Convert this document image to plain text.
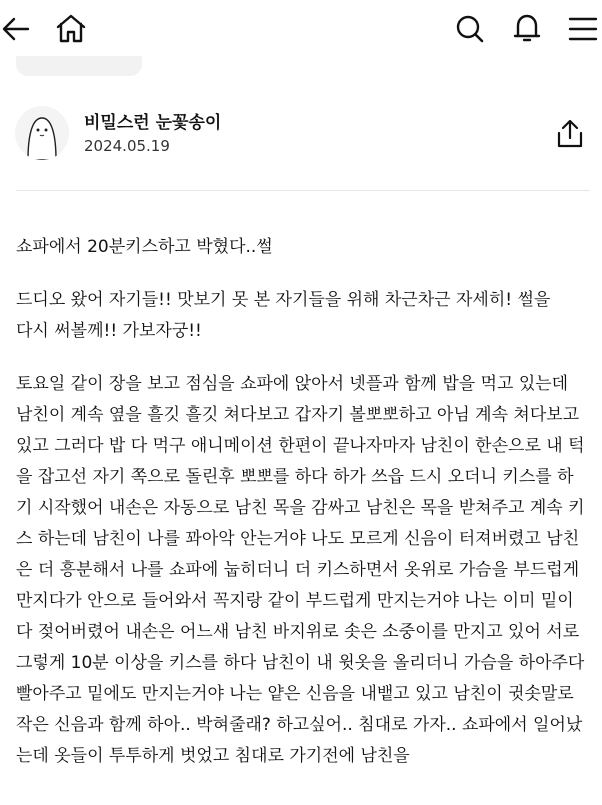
비밀스런 눈꽃송이
2024.05.19

쇼파에서 20분키스하고 박혔다..썰

드디오 왔어 자기들!! 맛보기 못 본 자기들을 위해 차근차근 자세히! 썰을 다시 써볼께!! 가보자궁!!

토요일 같이 장을 보고 점심을 쇼파에 앉아서 넷플과 함께 밥을 먹고 있는데 남친이 계속 옆을 흘깃 흘깃 쳐다보고 갑자기 볼뽀뽀하고 아님 계속 쳐다보고 있고 그러다 밥 다 먹구 애니메이션 한편이 끝나자마자 남친이 한손으로 내 턱을 잡고선 자기 쪽으로 돌린후 뽀뽀를 하다 하가 쓰읍 드시 오더니 키스를 하기 시작했어 내손은 자동으로 남친 목을 감싸고 남친은 목을 받쳐주고 계속 키스 하는데 남친이 나를 꽈아악 안는거야 나도 모르게 신음이 터져버렸고 남친은 더 흥분해서 나를 쇼파에 눕히더니 더 키스하면서 옷위로 가슴을 부드럽게 만지다가 안으로 들어와서 꼭지랑 같이 부드럽게 만지는거야 나는 이미 밑이 다 젖어버렸어 내손은 어느새 남친 바지위로 솟은 소중이를 만지고 있어 서로 그렇게 10분 이상을 키스를 하다 남친이 내 윗옷을 올리더니 가슴을 하아주다 빨아주고 밑에도 만지는거야 나는 얕은 신음을 내뱉고 있고 남친이 귓솟말로 작은 신음과 함께 하아.. 박혀줄래? 하고싶어.. 침대로 가자.. 쇼파에서 일어났는데 옷들이 투투하게 벗었고 침대로 가기전에 남친을
